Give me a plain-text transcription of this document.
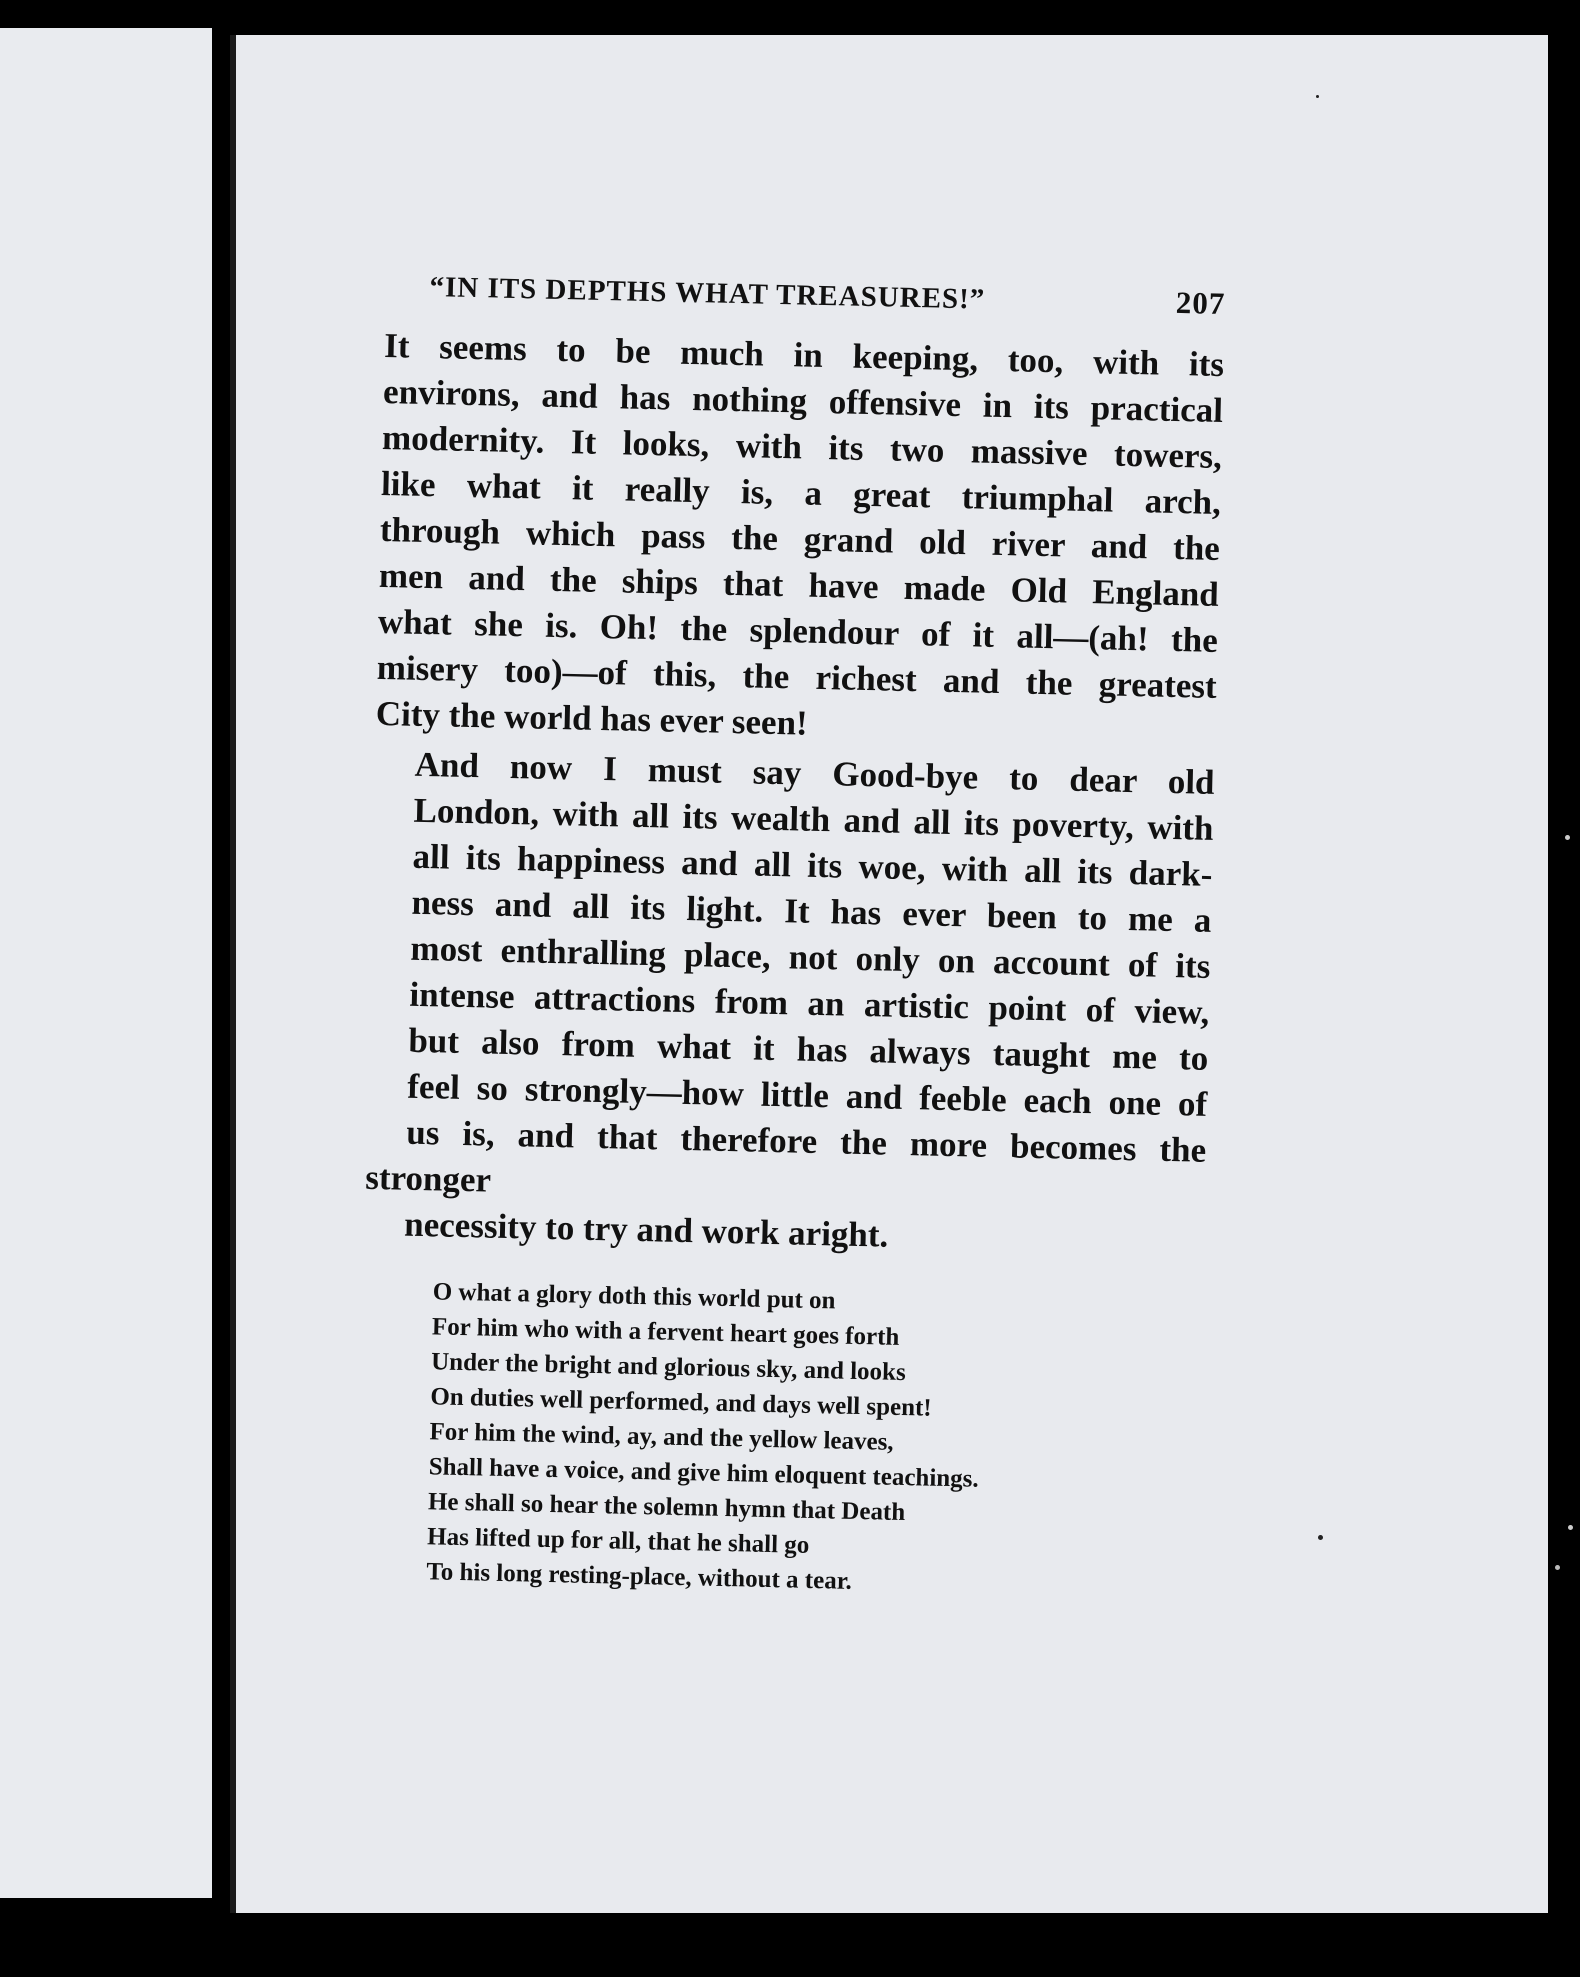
“IN ITS DEPTHS WHAT TREASURES!”	207

It seems to be much in keeping, too, with its
environs, and has nothing offensive in its practical
modernity. It looks, with its two massive towers,
like what it really is, a great triumphal arch,
through which pass the grand old river and the
men and the ships that have made Old England
what she is. Oh! the splendour of it all—(ah! the
misery too)—of this, the richest and the greatest
City the world has ever seen!

And now I must say Good-bye to dear old
London, with all its wealth and all its poverty, with
all its happiness and all its woe, with all its dark-
ness and all its light. It has ever been to me a
most enthralling place, not only on account of its
intense attractions from an artistic point of view,
but also from what it has always taught me to
feel so strongly—how little and feeble each one of
us is, and that therefore the more becomes the stronger
necessity to try and work aright.

O what a glory doth this world put on
For him who with a fervent heart goes forth
Under the bright and glorious sky, and looks
On duties well performed, and days well spent!
For him the wind, ay, and the yellow leaves,
Shall have a voice, and give him eloquent teachings.
He shall so hear the solemn hymn that Death
Has lifted up for all, that he shall go
To his long resting-place, without a tear.
